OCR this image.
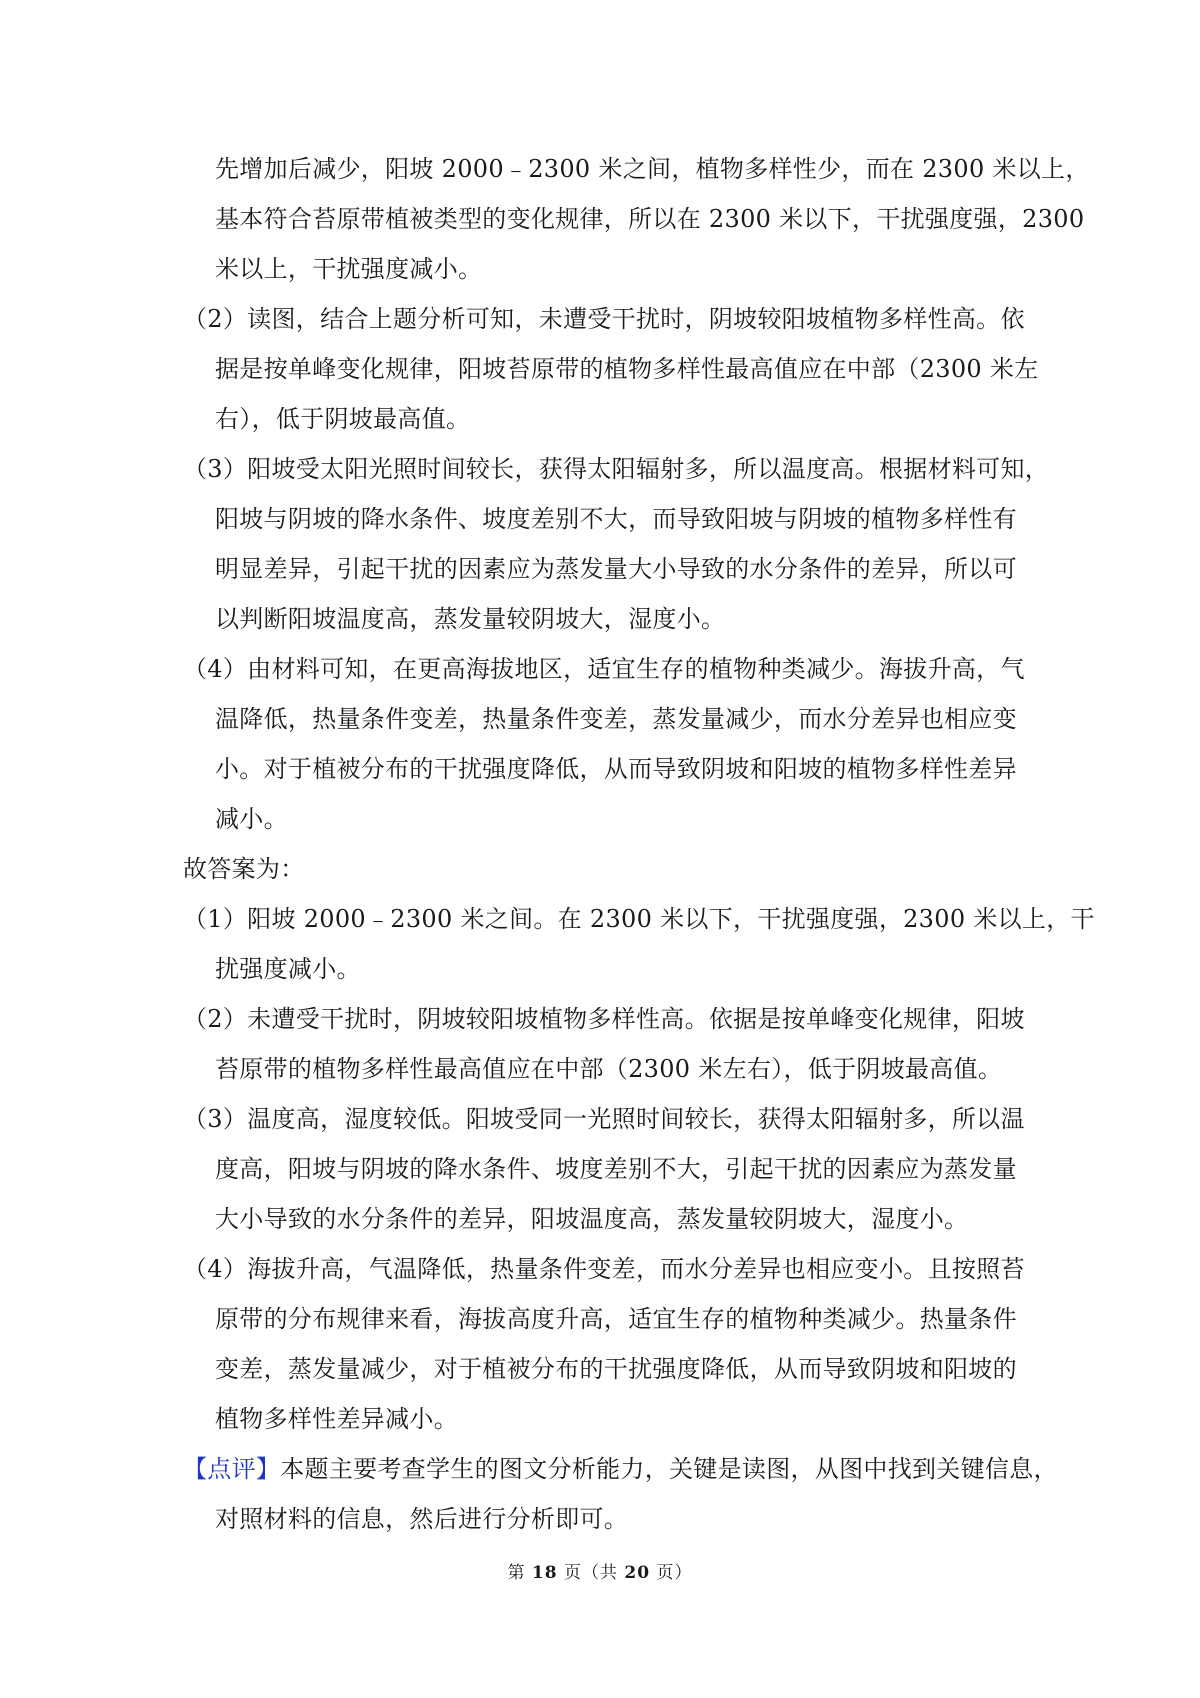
先增加后减少，阳坡 2000﹣2300 米之间，植物多样性少，而在 2300 米以上，
基本符合苔原带植被类型的变化规律，所以在 2300 米以下，干扰强度强，2300
米以上，干扰强度减小。
（2）读图，结合上题分析可知，未遭受干扰时，阴坡较阳坡植物多样性高。依
据是按单峰变化规律，阳坡苔原带的植物多样性最高值应在中部（2300 米左
右），低于阴坡最高值。
（3）阳坡受太阳光照时间较长，获得太阳辐射多，所以温度高。根据材料可知，
阳坡与阴坡的降水条件、坡度差别不大，而导致阳坡与阴坡的植物多样性有
明显差异，引起干扰的因素应为蒸发量大小导致的水分条件的差异，所以可
以判断阳坡温度高，蒸发量较阴坡大，湿度小。
（4）由材料可知，在更高海拔地区，适宜生存的植物种类减少。海拔升高，气
温降低，热量条件变差，热量条件变差，蒸发量减少，而水分差异也相应变
小。对于植被分布的干扰强度降低，从而导致阴坡和阳坡的植物多样性差异
减小。
故答案为：
（1）阳坡 2000﹣2300 米之间。在 2300 米以下，干扰强度强，2300 米以上，干
扰强度减小。
（2）未遭受干扰时，阴坡较阳坡植物多样性高。依据是按单峰变化规律，阳坡
苔原带的植物多样性最高值应在中部（2300 米左右），低于阴坡最高值。
（3）温度高，湿度较低。阳坡受同一光照时间较长，获得太阳辐射多，所以温
度高，阳坡与阴坡的降水条件、坡度差别不大，引起干扰的因素应为蒸发量
大小导致的水分条件的差异，阳坡温度高，蒸发量较阴坡大，湿度小。
（4）海拔升高，气温降低，热量条件变差，而水分差异也相应变小。且按照苔
原带的分布规律来看，海拔高度升高，适宜生存的植物种类减少。热量条件
变差，蒸发量减少，对于植被分布的干扰强度降低，从而导致阴坡和阳坡的
植物多样性差异减小。
【点评】本题主要考查学生的图文分析能力，关键是读图，从图中找到关键信息，
对照材料的信息，然后进行分析即可。
第 18 页（共 20 页）
